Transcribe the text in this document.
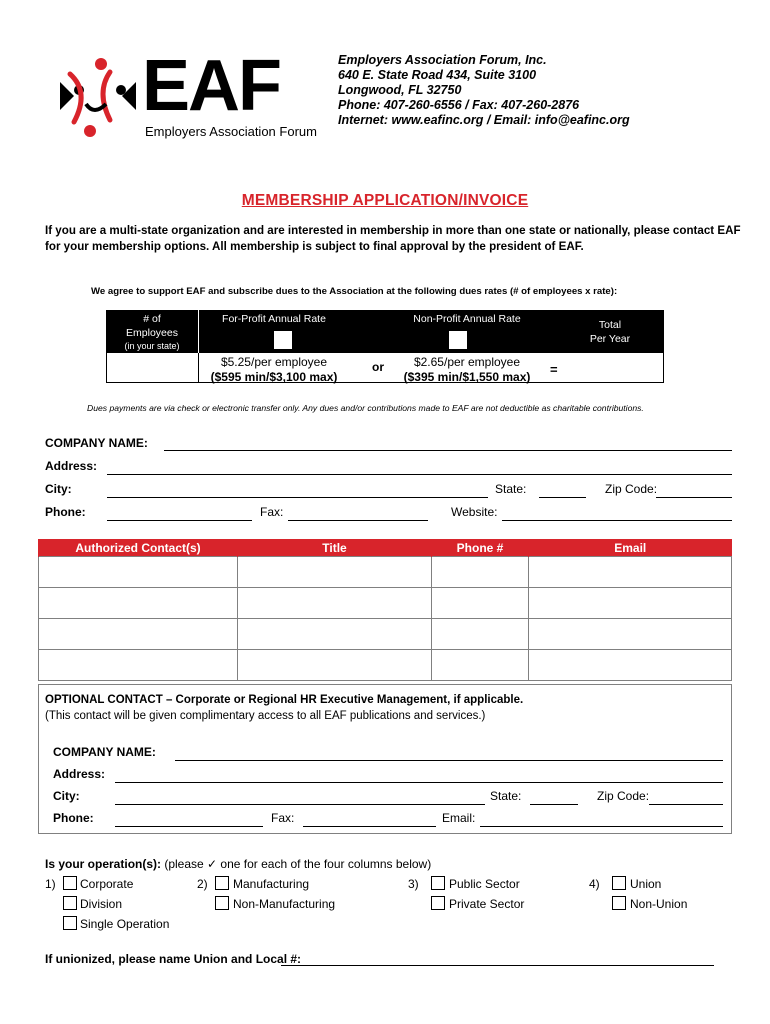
EAF
Employers Association Forum
Employers Association Forum, Inc.
640 E. State Road 434, Suite 3100
Longwood, FL 32750
Phone: 407-260-6556 / Fax: 407-260-2876
Internet: www.eafinc.org / Email: info@eafinc.org
MEMBERSHIP APPLICATION/INVOICE
If you are a multi-state organization and are interested in membership in more than one state or nationally, please contact EAF
for your membership options. All membership is subject to final approval by the president of EAF.
We agree to support EAF and subscribe dues to the Association at the following dues rates (# of employees x rate):
# of
Employees
(in your state)
For-Profit Annual Rate	Non-Profit Annual Rate	Total
Per Year
$5.25/per employee
($595 min/$3,100 max)
or	$2.65/per employee
($395 min/$1,550 max)	=
Dues payments are via check or electronic transfer only. Any dues and/or contributions made to EAF are not deductible as charitable contributions.
COMPANY NAME:
Address:
City:	State:	Zip Code:
Phone:	Fax:	Website:
Authorized Contact(s)	Title	Phone #	Email

OPTIONAL CONTACT – Corporate or Regional HR Executive Management, if applicable.
(This contact will be given complimentary access to all EAF publications and services.)
COMPANY NAME:
Address:
City:	State:	Zip Code:
Phone:	Fax:	Email:
Is your operation(s): (please ✓ one for each of the four columns below)
1) Corporate
Division
Single Operation
2) Manufacturing
Non-Manufacturing
3)	Public Sector
Private Sector
4)	Union
Non-Union
If unionized, please name Union and Local #:
